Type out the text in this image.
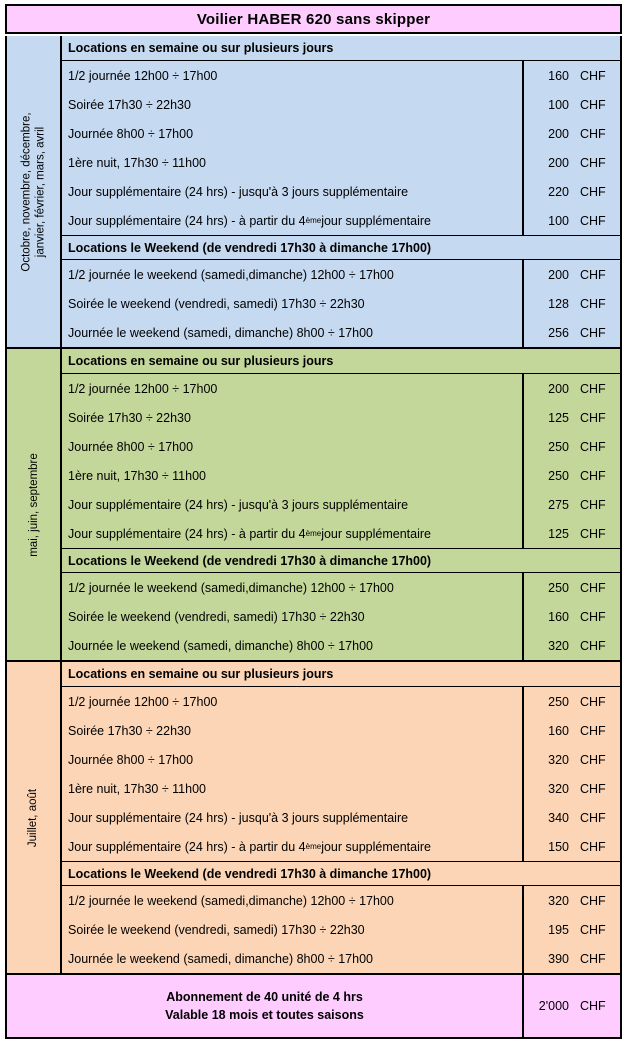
Voilier HABER 620 sans skipper
Octobre, novembre, décembre, janvier, février, mars, avril
Locations en semaine ou sur plusieurs jours
1/2 journée 12h00 ÷ 17h00	160 CHF
Soirée 17h30 ÷ 22h30	100 CHF
Journée 8h00 ÷ 17h00	200 CHF
1ère nuit, 17h30 ÷ 11h00	200 CHF
Jour supplémentaire (24 hrs) - jusqu'à 3 jours supplémentaire	220 CHF
Jour supplémentaire (24 hrs) - à partir du 4 ème jour supplémentaire	100 CHF
Locations le Weekend (de vendredi 17h30 à dimanche 17h00)
1/2 journée le weekend (samedi,dimanche) 12h00 ÷ 17h00	200 CHF
Soirée le weekend (vendredi, samedi) 17h30 ÷ 22h30	128 CHF
Journée le weekend (samedi, dimanche) 8h00 ÷ 17h00	256 CHF
mai, juin, septembre
Locations en semaine ou sur plusieurs jours
1/2 journée 12h00 ÷ 17h00	200 CHF
Soirée 17h30 ÷ 22h30	125 CHF
Journée 8h00 ÷ 17h00	250 CHF
1ère nuit, 17h30 ÷ 11h00	250 CHF
Jour supplémentaire (24 hrs) - jusqu'à 3 jours supplémentaire	275 CHF
Jour supplémentaire (24 hrs) - à partir du 4 ème jour supplémentaire	125 CHF
Locations le Weekend (de vendredi 17h30 à dimanche 17h00)
1/2 journée le weekend (samedi,dimanche) 12h00 ÷ 17h00	250 CHF
Soirée le weekend (vendredi, samedi) 17h30 ÷ 22h30	160 CHF
Journée le weekend (samedi, dimanche) 8h00 ÷ 17h00	320 CHF
Juillet, août
Locations en semaine ou sur plusieurs jours
1/2 journée 12h00 ÷ 17h00	250 CHF
Soirée 17h30 ÷ 22h30	160 CHF
Journée 8h00 ÷ 17h00	320 CHF
1ère nuit, 17h30 ÷ 11h00	320 CHF
Jour supplémentaire (24 hrs) - jusqu'à 3 jours supplémentaire	340 CHF
Jour supplémentaire (24 hrs) - à partir du 4 ème jour supplémentaire	150 CHF
Locations le Weekend (de vendredi 17h30 à dimanche 17h00)
1/2 journée le weekend (samedi,dimanche) 12h00 ÷ 17h00	320 CHF
Soirée le weekend (vendredi, samedi) 17h30 ÷ 22h30	195 CHF
Journée le weekend (samedi, dimanche) 8h00 ÷ 17h00	390 CHF
Abonnement de 40 unité de 4 hrs
Valable 18 mois et toutes saisons
2'000 CHF
